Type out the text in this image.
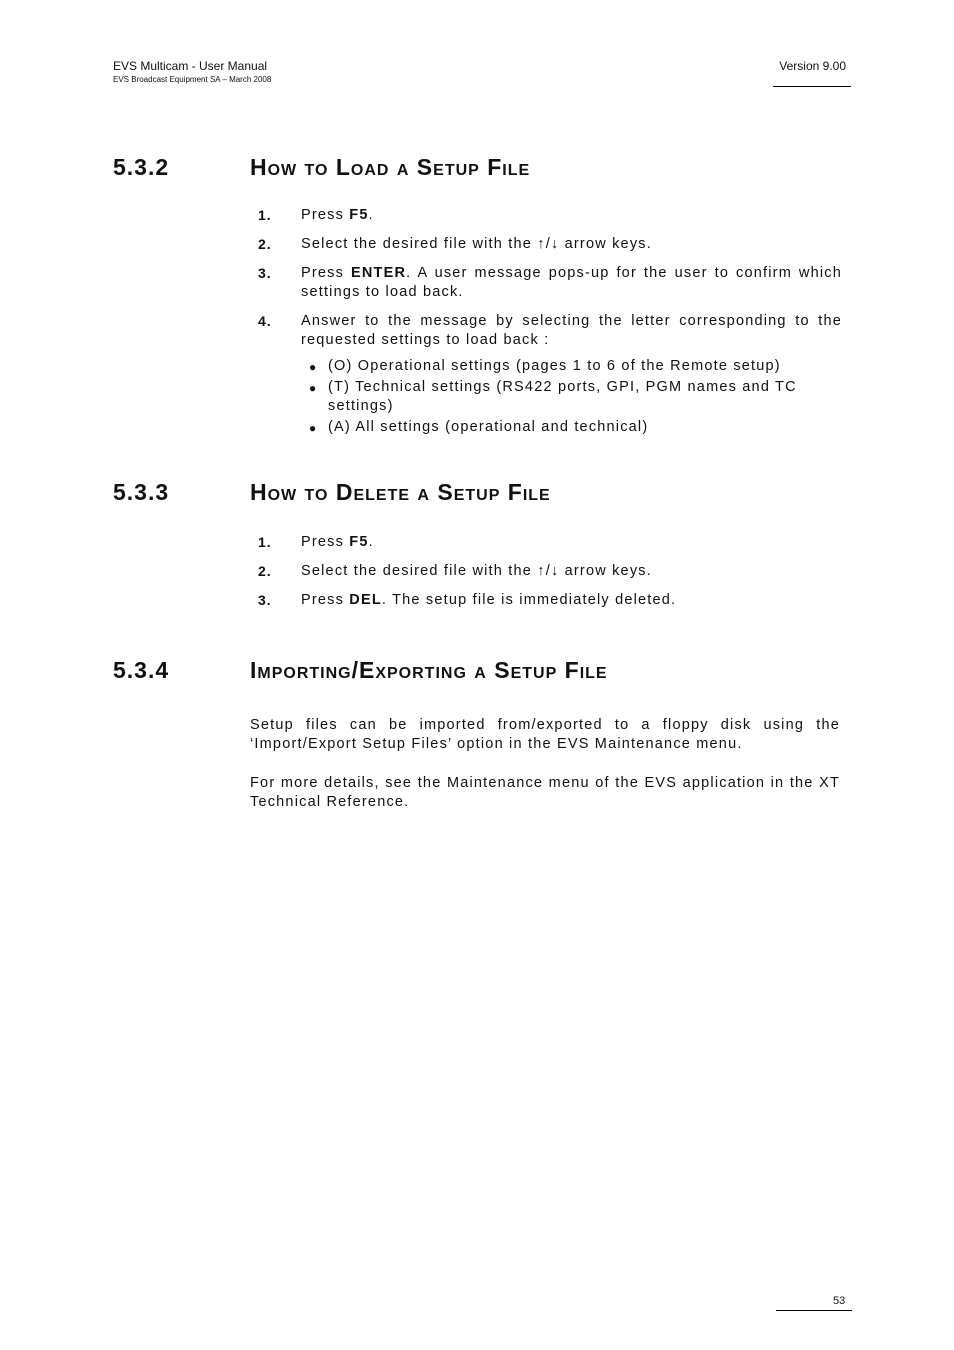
EVS Multicam - User Manual
EVS Broadcast Equipment SA – March 2008
Version 9.00
5.3.2	How to Load a Setup File
1. Press F5.
2. Select the desired file with the ↑/↓ arrow keys.
3. Press ENTER. A user message pops-up for the user to confirm which settings to load back.
4. Answer to the message by selecting the letter corresponding to the requested settings to load back :
● (O) Operational settings (pages 1 to 6 of the Remote setup)
● (T) Technical settings (RS422 ports, GPI, PGM names and TC settings)
● (A) All settings (operational and technical)
5.3.3	How to Delete a Setup File
1. Press F5.
2. Select the desired file with the ↑/↓ arrow keys.
3. Press DEL. The setup file is immediately deleted.
5.3.4	Importing/Exporting a Setup File
Setup files can be imported from/exported to a floppy disk using the ‘Import/Export Setup Files’ option in the EVS Maintenance menu.
For more details, see the Maintenance menu of the EVS application in the XT Technical Reference.
53
